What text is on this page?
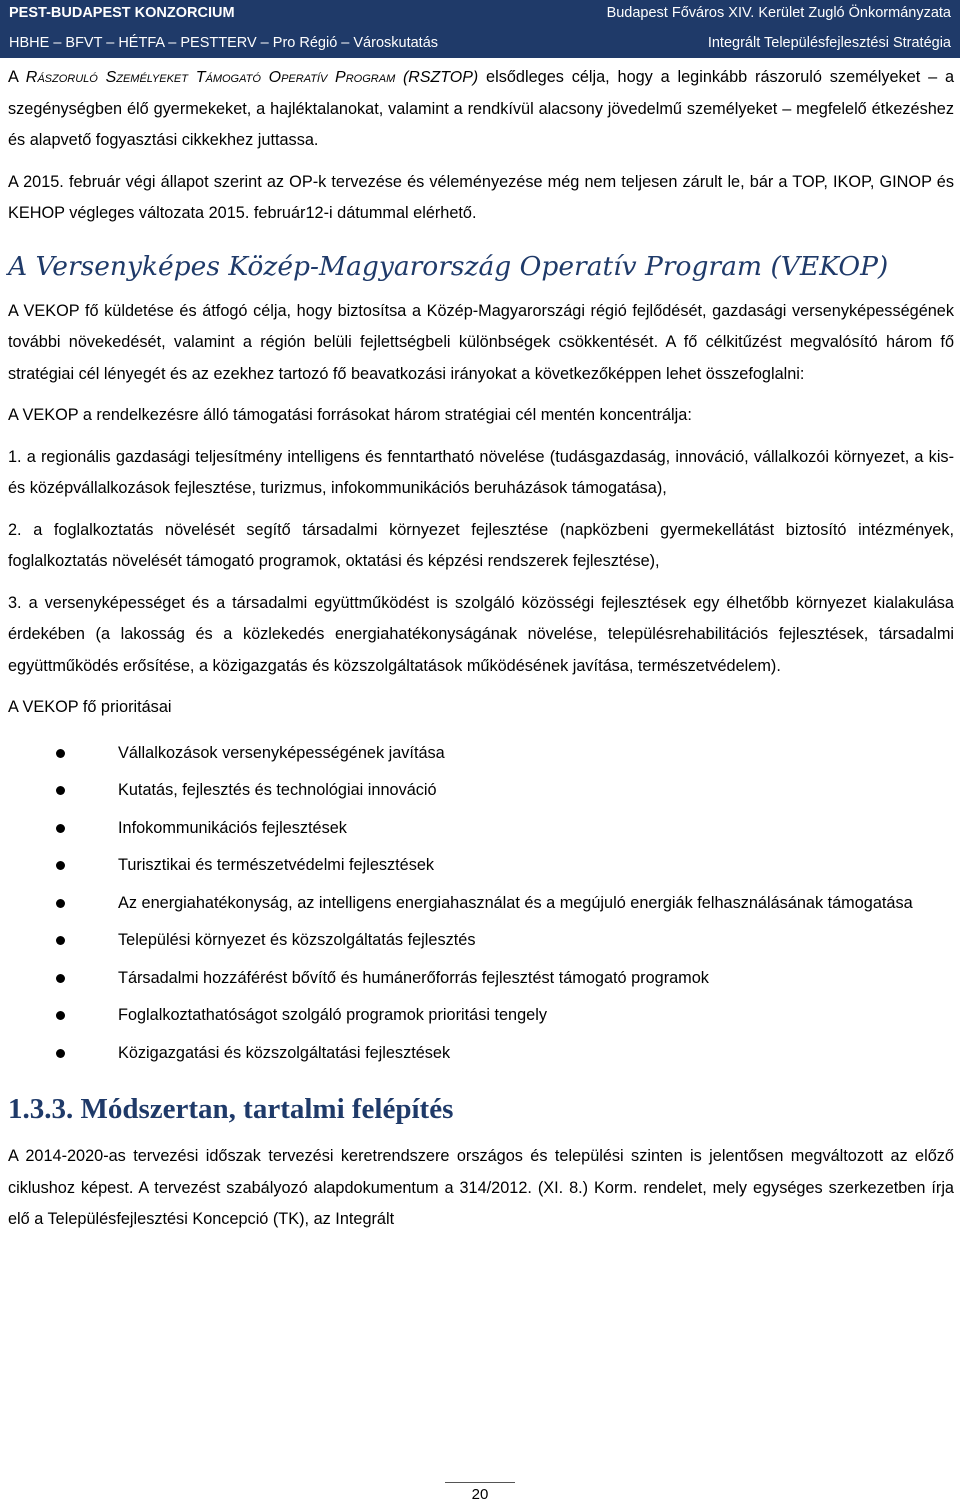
PEST-BUDAPEST KONZORCIUM	Budapest Főváros XIV. Kerület Zugló Önkormányzata
HBHE – BFVT – HÉTFA – PESTTERV – Pro Régió – Városkutatás	Integrált Településfejlesztési Stratégia

A Rászoruló Személyeket Támogató Operatív Program (RSZTOP) elsődleges célja, hogy a leginkább rászoruló személyeket – a szegénységben élő gyermekeket, a hajléktalanokat, valamint a rendkívül alacsony jövedelmű személyeket – megfelelő étkezéshez és alapvető fogyasztási cikkekhez juttassa.

A 2015. február végi állapot szerint az OP-k tervezése és véleményezése még nem teljesen zárult le, bár a TOP, IKOP, GINOP és KEHOP végleges változata 2015. február12-i dátummal elérhető.

A Versenyképes Közép-Magyarország Operatív Program (VEKOP)

A VEKOP fő küldetése és átfogó célja, hogy biztosítsa a Közép-Magyarországi régió fejlődését, gazdasági versenyképességének további növekedését, valamint a régión belüli fejlettségbeli különbségek csökkentését. A fő célkitűzést megvalósító három fő stratégiai cél lényegét és az ezekhez tartozó fő beavatkozási irányokat a következőképpen lehet összefoglalni:

A VEKOP a rendelkezésre álló támogatási forrásokat három stratégiai cél mentén koncentrálja:

1. a regionális gazdasági teljesítmény intelligens és fenntartható növelése (tudásgazdaság, innováció, vállalkozói környezet, a kis- és középvállalkozások fejlesztése, turizmus, infokommunikációs beruházások támogatása),

2. a foglalkoztatás növelését segítő társadalmi környezet fejlesztése (napközbeni gyermekellátást biztosító intézmények, foglalkoztatás növelését támogató programok, oktatási és képzési rendszerek fejlesztése),

3. a versenyképességet és a társadalmi együttműködést is szolgáló közösségi fejlesztések egy élhetőbb környezet kialakulása érdekében (a lakosság és a közlekedés energiahatékonyságának növelése, településrehabilitációs fejlesztések, társadalmi együttműködés erősítése, a közigazgatás és közszolgáltatások működésének javítása, természetvédelem).

A VEKOP fő prioritásai

Vállalkozások versenyképességének javítása
Kutatás, fejlesztés és technológiai innováció
Infokommunikációs fejlesztések
Turisztikai és természetvédelmi fejlesztések
Az energiahatékonyság, az intelligens energiahasználat és a megújuló energiák felhasználásának támogatása
Települési környezet és közszolgáltatás fejlesztés
Társadalmi hozzáférést bővítő és humánerőforrás fejlesztést támogató programok
Foglalkoztathatóságot szolgáló programok prioritási tengely
Közigazgatási és közszolgáltatási fejlesztések
1.3.3. Módszertan, tartalmi felépítés

A 2014-2020-as tervezési időszak tervezési keretrendszere országos és települési szinten is jelentősen megváltozott az előző ciklushoz képest. A tervezést szabályozó alapdokumentum a 314/2012. (XI. 8.) Korm. rendelet, mely egységes szerkezetben írja elő a Településfejlesztési Koncepció (TK), az Integrált

20
